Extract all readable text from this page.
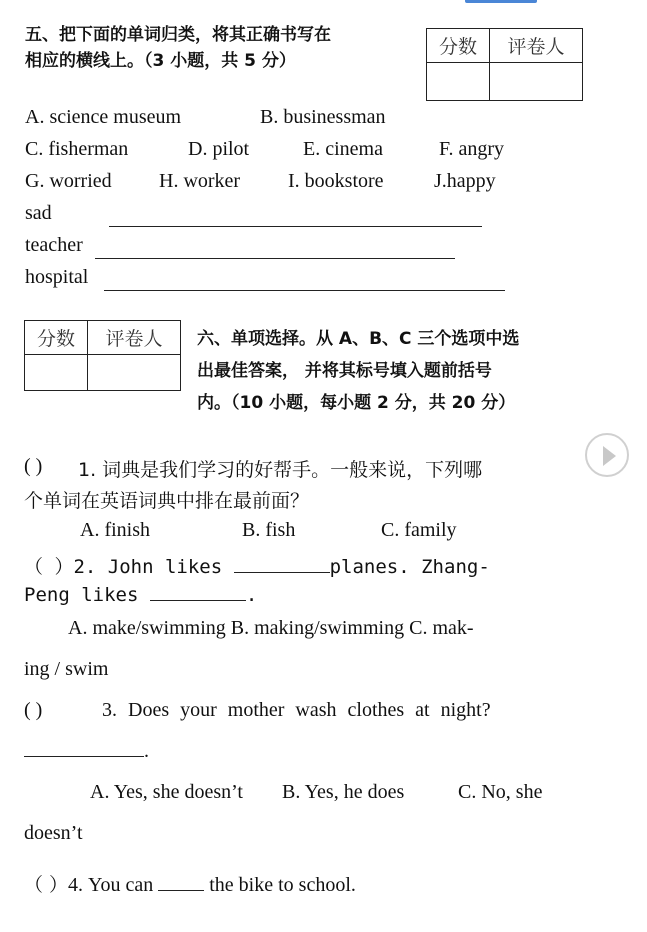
五、把下面的单词归类，将其正确书写在
相应的横线上。（3 小题，共 5 分）
分数	评卷人

A. science museum	B. businessman
C. fisherman	D. pilot	E. cinema	F. angry
G. worried H. worker I. bookstore	J.happy
sad
teacher
hospital
分数	评卷人
	六、单项选择。从 A、B、C 三个选项中选
出最佳答案， 并将其标号填入题前括号
内。（10 小题，每小题 2 分，共 20 分）
( ) 1. 词典是我们学习的好帮手。一般来说，下列哪
个单词在英语词典中排在最前面？
A. finish	B. fish	C. family
（ ）2. John likes	planes. Zhang-
Peng likes	.
A. make/swimming B. making/swimming C. mak-
ing / swim
( )	3. Does your mother wash clothes at night?
.
A. Yes, she doesn’t B. Yes, he does	C. No, she
doesn’t
（ ）4. You can  the bike to school.
